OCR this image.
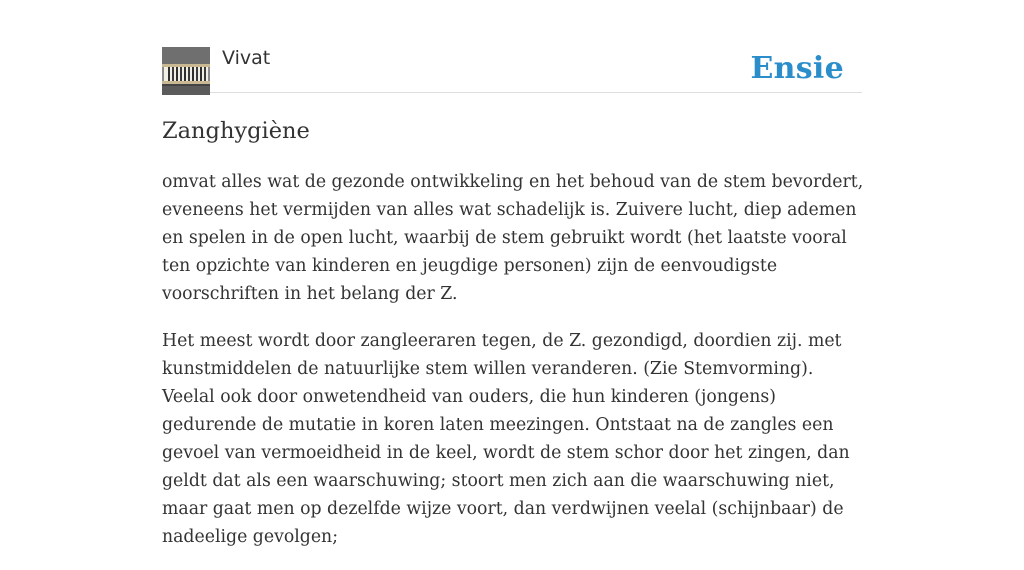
Vivat	Ensie
Zanghygiène

omvat alles wat de gezonde ontwikkeling en het behoud van de stem bevordert, eveneens het vermijden van alles wat schadelijk is. Zuivere lucht, diep ademen en spelen in de open lucht, waarbij de stem gebruikt wordt (het laatste vooral ten opzichte van kinderen en jeugdige personen) zijn de eenvoudigste voorschriften in het belang der Z.

Het meest wordt door zangleeraren tegen, de Z. gezondigd, doordien zij. met kunstmiddelen de natuurlijke stem willen veranderen. (Zie Stemvorming). Veelal ook door onwetendheid van ouders, die hun kinderen (jongens) gedurende de mutatie in koren laten meezingen. Ontstaat na de zangles een gevoel van vermoeidheid in de keel, wordt de stem schor door het zingen, dan geldt dat als een waarschuwing; stoort men zich aan die waarschuwing niet, maar gaat men op dezelfde wijze voort, dan verdwijnen veelal (schijnbaar) de nadeelige gevolgen;
